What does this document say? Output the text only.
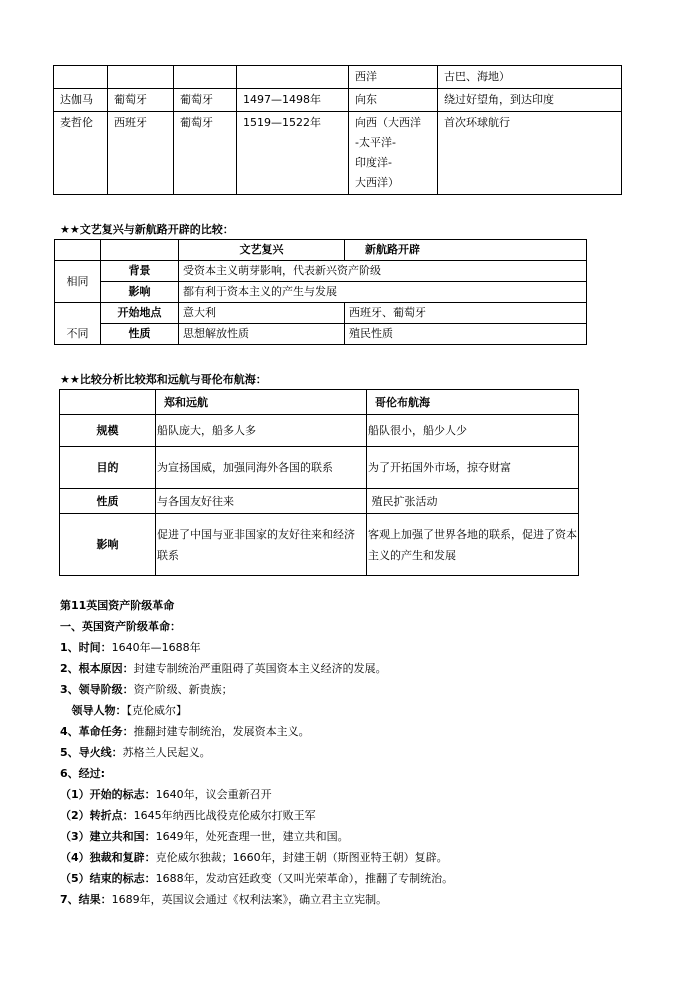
				西洋	古巴、海地）
达伽马	葡萄牙	葡萄牙	1497—1498年	向东	绕过好望角，到达印度
麦哲伦	西班牙	葡萄牙	1519—1522年	向西（大西洋
-太平洋-
印度洋-
大西洋）	首次环球航行
★★文艺复兴与新航路开辟的比较：
		文艺复兴	新航路开辟
相同	背景	受资本主义萌芽影响，代表新兴资产阶级	
	影响	都有利于资本主义的产生与发展	
不同	开始地点	意大利	西班牙、葡萄牙
	性质	思想解放性质	殖民性质
★★比较分析比较郑和远航与哥伦布航海：
	郑和远航	哥伦布航海
规模	船队庞大，船多人多	船队很小，船少人少
目的	为宣扬国威，加强同海外各国的联系	为了开拓国外市场，掠夺财富
性质	与各国友好往来	殖民扩张活动
影响	促进了中国与亚非国家的友好往来和经济联系	客观上加强了世界各地的联系，促进了资本主义的产生和发展
第11英国资产阶级革命
一、英国资产阶级革命：
1、时间：1640年—1688年
2、根本原因：封建专制统治严重阻碍了英国资本主义经济的发展。
3、领导阶级：资产阶级、新贵族；
领导人物：【克伦威尔】
4、革命任务：推翻封建专制统治，发展资本主义。
5、导火线：苏格兰人民起义。
6、经过:
（1）开始的标志：1640年，议会重新召开
（2）转折点：1645年纳西比战役克伦威尔打败王军
（3）建立共和国：1649年，处死查理一世，建立共和国。
（4）独裁和复辟：克伦威尔独裁；1660年，封建王朝（斯图亚特王朝）复辟。
（5）结束的标志：1688年，发动宫廷政变（又叫光荣革命），推翻了专制统治。
7、结果：1689年，英国议会通过《权利法案》，确立君主立宪制。
